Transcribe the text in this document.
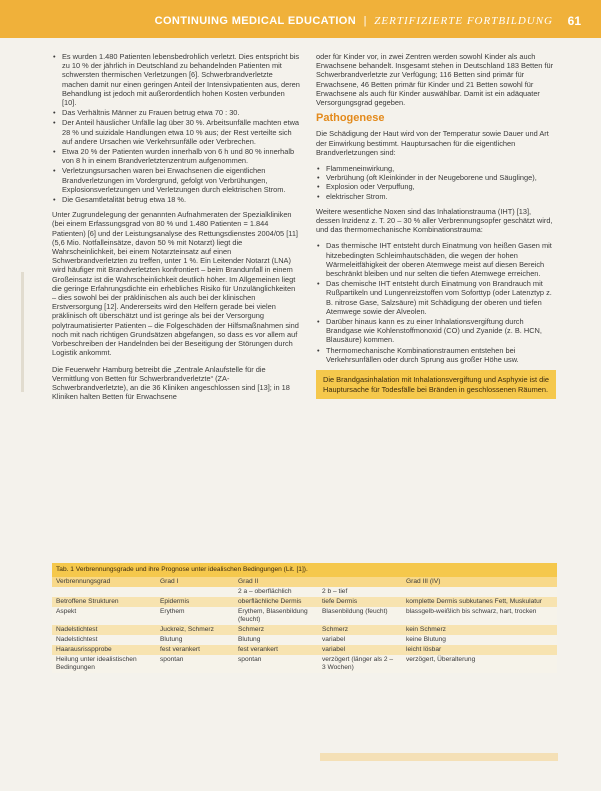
CONTINUING MEDICAL EDUCATION | ZERTIFIZIERTE FORTBILDUNG 61
• Es wurden 1.480 Patienten lebensbedrohlich verletzt. Dies entspricht bis zu 10 % der jährlich in Deutschland zu behandelnden Patienten mit schwersten thermischen Verletzungen [6]. Schwerbrandverletzte machen damit nur einen geringen Anteil der Intensivpatienten aus, deren Behandlung ist jedoch mit außerordentlich hohen Kosten verbunden [10].
• Das Verhältnis Männer zu Frauen betrug etwa 70 : 30.
• Der Anteil häuslicher Unfälle lag über 30 %. Arbeitsunfälle machten etwa 28 % und suizidale Handlungen etwa 10 % aus; der Rest verteilte sich auf andere Ursachen wie Verkehrsunfälle oder Verbrechen.
• Etwa 20 % der Patienten wurden innerhalb von 6 h und 80 % innerhalb von 8 h in einem Brandverletztenzentrum aufgenommen.
• Verletzungsursachen waren bei Erwachsenen die eigentlichen Brandverletzungen im Vordergrund, gefolgt von Verbrühungen, Explosionsverletzungen und Verletzungen durch elektrischen Strom.
• Die Gesamtletalität betrug etwa 18 %.

Unter Zugrundelegung der genannten Aufnahmeraten der Spezialkliniken (bei einem Erfassungsgrad von 80 % und 1.480 Patienten = 1.844 Patienten) [6] und der Leistungsanalyse des Rettungsdienstes 2004/05 [11] (5,6 Mio. Notfalleinsätze, davon 50 % mit Notarzt) liegt die Wahrscheinlichkeit, bei einem Notarzteinsatz auf einen Schwerbrandverletzten zu treffen, unter 1 %. Ein Leitender Notarzt (LNA) wird häufiger mit Brandverletzten konfrontiert – beim Brandunfall in einem Großeinsatz ist die Wahrscheinlichkeit deutlich höher. Im Allgemeinen liegt die geringe Erfahrungsdichte ein erhebliches Risiko für Unzulänglichkeiten – dies sowohl bei der präklinischen als auch bei der klinischen Erstversorgung [12]. Andererseits wird den Helfern gerade bei vielen präklinisch oft überschätzt und ist geringe als bei der Versorgung polytraumatisierter Patienten – die Folgeschäden der Hilfsmaßnahmen sind noch mit nach richtigen Grundsätzen abgefangen, so dass es vor allem auf Vorbeschreiben der Handelnden bei der Beseitigung der Störungen durch Logistik ankommt.

Die Feuerwehr Hamburg betreibt die „Zentrale Anlaufstelle für die Vermittlung von Betten für Schwerbrandverletzte“ (ZA-Schwerbrandverletzte), an die 36 Kliniken angeschlossen sind [13]; in 18 Kliniken halten Betten für Erwachsene

oder für Kinder vor, in zwei Zentren werden sowohl Kinder als auch Erwachsene behandelt. Insgesamt stehen in Deutschland 183 Betten für Schwerbrandverletzte zur Verfügung; 116 Betten sind primär für Erwachsene, 46 Betten primär für Kinder und 21 Betten sowohl für Erwachsene als auch für Kinder auswählbar. Damit ist ein adäquater Versorgungsgrad gegeben.

Pathogenese

Die Schädigung der Haut wird von der Temperatur sowie Dauer und Art der Einwirkung bestimmt. Hauptursachen für die eigentlichen Brandverletzungen sind:

• Flammeneinwirkung,
• Verbrühung (oft Kleinkinder in der Neugeborene und Säuglinge),
• Explosion oder Verpuffung,
• elektrischer Strom.

Weitere wesentliche Noxen sind das Inhalationstrauma (IHT) [13], dessen Inzidenz z. T. 20 – 30 % aller Verbrennungsopfer geschätzt wird, und das thermomechanische Kombinationstrauma:

• Das thermische IHT entsteht durch Einatmung von heißen Gasen mit hitzebedingten Schleimhautschäden, die wegen der hohen Wärmeleitfähigkeit der oberen Atemwege meist auf diesen Bereich beschränkt bleiben und nur selten die tiefen Atemwege erreichen.
• Das chemische IHT entsteht durch Einatmung von Brandrauch mit Rußpartikeln und Lungenreizstoffen vom Soforttyp (oder Latenztyp z. B. nitrose Gase, Salzsäure) mit Schädigung der oberen und tiefen Atemwege sowie der Alveolen.
• Darüber hinaus kann es zu einer Inhalationsvergiftung durch Brandgase wie Kohlenstoffmonoxid (CO) und Zyanide (z. B. HCN, Blausäure) kommen.
• Thermomechanische Kombinationstraumen entstehen bei Verkehrsunfällen oder durch Sprung aus großer Höhe usw.
Die Brandgasinhalation mit Inhalationsvergiftung und Asphyxie ist die Hauptursache für Todesfälle bei Bränden in geschlossenen Räumen.
Tab. 1 Verbrennungsgrade und ihre Prognose unter idealischen Bedingungen (Lit. [1]).
Verbrennungsgrad	Grad I	Grad II		Grad III (IV)
		2 a – oberflächlich	2 b – tief	
Betroffene Strukturen	Epidermis	oberflächliche Dermis	tiefe Dermis	komplette Dermis subkutanes Fett, Muskulatur
Aspekt	Erythem	Erythem, Blasenbildung (feucht)	Blasenbildung (feucht)	blassgelb-weißlich bis schwarz, hart, trocken
Nadelstichtest	Juckreiz, Schmerz	Schmerz	Schmerz	kein Schmerz
Nadelstichtest	Blutung	Blutung	variabel	keine Blutung
Haarausrisspprobe	fest verankert	fest verankert	variabel	leicht lösbar
Heilung unter idealistischen Bedingungen	spontan	spontan	verzögert (länger als 2 – 3 Wochen)	verzögert, Überalterung
